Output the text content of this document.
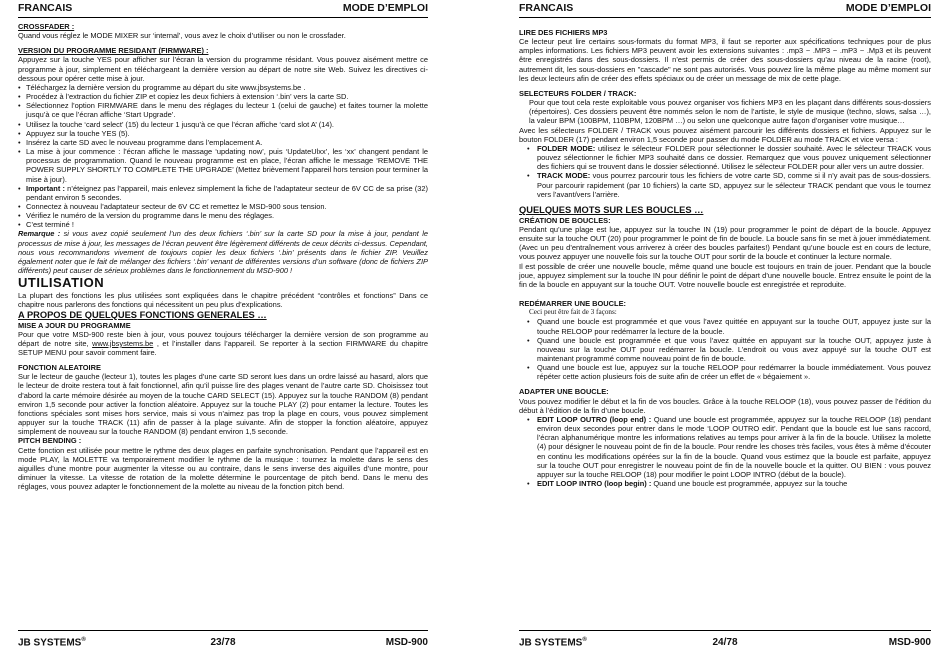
FRANCAIS	MODE D’EMPLOI

CROSSFADER :

Quand vous réglez le MODE MIXER sur ‘internal’, vous avez le choix d’utiliser ou non le crossfader.

VERSION DU PROGRAMME RESIDANT (FIRMWARE) :

Appuyez sur la touche YES pour afficher sur l’écran la version du programme résidant. Vous pouvez aisément mettre ce programme à jour, simplement en téléchargeant la dernière version au départ de notre site Web. Suivez les directives ci-dessous pour opérer cette mise à jour.

• Téléchargez la dernière version du programme au départ du site www.jbsystems.be .
• Procédez à l’extraction du fichier ZIP et copiez les deux fichiers à extension ‘.bin’ vers la carte SD.
• Sélectionnez l’option FIRMWARE dans le menu des réglages du lecteur 1 (celui de gauche) et faites tourner la molette jusqu’à ce que l’écran affiche ‘Start Upgrade’.
• Utilisez la touche ‘card select’ (15) du lecteur 1 jusqu’à ce que l’écran affiche ‘card slot A’ (14).
• Appuyez sur la touche YES (5).
• Insérez la carte SD avec le nouveau programme dans l’emplacement A.
• La mise à jour commence : l’écran affiche le massage ‘updating now’, puis ‘UpdateUlxx’, les ‘xx’ changent pendant le processus de programmation. Quand le nouveau programme est en place, l’écran affiche le message ‘REMOVE THE POWER SUPPLY SHORTLY TO COMPLETE THE UPGRADE’ (Mettez brièvement l’appareil hors tension pour terminer la mise à jour).
• Important : n’éteignez pas l’appareil, mais enlevez simplement la fiche de l’adaptateur secteur de 6V CC de sa prise (32) pendant environ 5 secondes.
• Connectez à nouveau l’adaptateur secteur de 6V CC et remettez le MSD-900 sous tension.
• Vérifiez le numéro de la version du programme dans le menu des réglages.
• C’est terminé !

Remarque : si vous avez copié seulement l’un des deux fichiers ‘.bin’ sur la carte SD pour la mise à jour, pendant le processus de mise à jour, les messages de l’écran peuvent être légèrement différents de ceux décrits ci-dessus. Cependant, nous vous recommandons vivement de toujours copier les deux fichiers ‘.bin’ présents dans le fichier ZIP. Veuillez également noter que le fait de mélanger des fichiers ‘.bin’ venant de différentes versions d’un software (donc de fichiers ZIP différents) peut causer de sérieux problèmes dans le fonctionnement du MSD-900 !

UTILISATION

La plupart des fonctions les plus utilisées sont expliquées dans le chapitre précédent “contrôles et fonctions” Dans ce chapitre nous parlerons des fonctions qui nécessitent un peu plus d’explications.

A PROPOS DE QUELQUES FONCTIONS GENERALES …

MISE A JOUR DU PROGRAMME

Pour que votre MSD-900 reste bien à jour, vous pouvez toujours télécharger la dernière version de son programme au départ de notre site, www.jbsystems.be , et l’installer dans l’appareil. Se reporter à la section FIRMWARE du chapitre SETUP MENU pour savoir comment faire.

FONCTION ALEATOIRE

Sur le lecteur de gauche (lecteur 1), toutes les plages d’une carte SD seront lues dans un ordre laissé au hasard, alors que le lecteur de droite restera tout à fait fonctionnel, afin qu’il puisse lire des plages venant de l’autre carte SD. Choisissez tout d’abord la carte mémoire désirée au moyen de la touche CARD SELECT (15). Appuyez sur la touche RANDOM (8) pendant environ 1,5 seconde pour activer la fonction aléatoire. Appuyez sur la touche PLAY (2) pour entamer la lecture. Toutes les fonctions spéciales sont mises hors service, mais si vous n’aimez pas trop la plage en cours, vous pouvez simplement appuyer sur la touche TRACK (11) afin de passer à la plage suivante. Afin de stopper la fonction aléatoire, appuyez simplement de nouveau sur la touche RANDOM (8) pendant environ 1,5 seconde.

PITCH BENDING :

Cette fonction est utilisée pour mettre le rythme des deux plages en parfaite synchronisation. Pendant que l’appareil est en mode PLAY, la MOLETTE va temporairement modifier le rythme de la musique : tournez la molette dans le sens des aiguilles d’une montre pour augmenter la vitesse ou au contraire, dans le sens inverse des aiguilles d’une montre, pour diminuer la vitesse. La vitesse de rotation de la molette détermine le pourcentage de pitch bend. Dans le menu des réglages, vous pouvez adapter le fonctionnement de la molette au niveau de la fonction pitch bend.

JB SYSTEMS®	23/78	MSD-900
FRANCAIS	MODE D’EMPLOI

LIRE DES FICHIERS MP3

Ce lecteur peut lire certains sous-formats du format MP3, il faut se reporter aux spécifications techniques pour de plus amples informations. Les fichiers MP3 peuvent avoir les extensions suivantes : .mp3 ~ .MP3 ~ .mP3 ~ .Mp3 et ils peuvent être enregistrés dans des sous-dossiers. Il n’est permis de créer des sous-dossiers qu’au niveau de la racine (root), autrement dit, les sous-dossiers en "cascade" ne sont pas autorisés. Vous pouvez lire la même plage au même moment sur les deux lecteurs afin de créer des effets spéciaux ou de créer un message de mix de cette plage.

SELECTEURS FOLDER / TRACK:

Pour que tout cela reste exploitable vous pouvez organiser vos fichiers MP3 en les plaçant dans différents sous-dossiers (répertoires). Ces dossiers peuvent être nommés selon le nom de l’artiste, le style de musique (techno, slows, salsa …), la valeur BPM (100BPM, 110BPM, 120BPM …) ou selon une quelconque autre façon d’organiser votre musique…

Avec les sélecteurs FOLDER / TRACK vous pouvez aisément parcourir les différents dossiers et fichiers. Appuyez sur le bouton FOLDER (17) pendant environ 1,5 seconde pour passer du mode FOLDER au mode TRACK et vice versa :

• FOLDER MODE: utilisez le sélecteur FOLDER pour sélectionner le dossier souhaité. Avec le sélecteur TRACK vous pouvez sélectionner le fichier MP3 souhaité dans ce dossier. Remarquez que vous pouvez uniquement sélectionner des fichiers qui se trouvent dans le dossier sélectionné. Utilisez le sélecteur FOLDER pour aller vers un autre dossier.
• TRACK MODE: vous pourrez parcourir tous les fichiers de votre carte SD, comme si il n’y avait pas de sous-dossiers. Pour parcourir rapidement (par 10 fichiers) la carte SD, appuyez sur le sélecteur TRACK pendant que vous le tournez vers l’avant/vers l’arrière.

QUELQUES MOTS SUR LES BOUCLES …

CRÉATION DE BOUCLES:

Pendant qu’une plage est lue, appuyez sur la touche IN (19) pour programmer le point de départ de la boucle. Appuyez ensuite sur la touche OUT (20) pour programmer le point de fin de boucle. La boucle sans fin se met à jouer immédiatement. (Avec un peu d’entraînement vous arriverez à créer des boucles parfaites!) Pendant qu’une boucle est en cours de lecture, vous pouvez appuyer une nouvelle fois sur la touche OUT pour sortir de la boucle et continuer la lecture normale.

Il est possible de créer une nouvelle boucle, même quand une boucle est toujours en train de jouer. Pendant que la boucle joue, appuyez simplement sur la touche IN pour définir le point de départ d’une nouvelle boucle. Entrez ensuite le point de la fin de la boucle en appuyant sur la touche OUT. Votre nouvelle boucle est enregistrée et reproduite.

REDÉMARRER UNE BOUCLE:

Ceci peut être fait de 3 façons:

• Quand une boucle est programmée et que vous l’avez quittée en appuyant sur la touche OUT, appuyez juste sur la touche RELOOP pour redémarrer la lecture de la boucle.
• Quand une boucle est programmée et que vous l’avez quittée en appuyant sur la touche OUT, appuyez juste à nouveau sur la touche OUT pour redémarrer la boucle. L’endroit ou vous avez appuyé sur la touche OUT est maintenant programmé comme nouveau point de fin de boucle.
• Quand une boucle est lue, appuyez sur la touche RELOOP pour redémarrer la boucle immédiatement. Vous pouvez répéter cette action plusieurs fois de suite afin de créer un effet de « bégaiement ».

ADAPTER UNE BOUCLE:

Vous pouvez modifier le début et la fin de vos boucles. Grâce à la touche RELOOP (18), vous pouvez passer de l’édition du début à l’édition de la fin d’une boucle.

• EDIT LOOP OUTRO (loop end) : Quand une boucle est programmée, appuyez sur la touche RELOOP (18) pendant environ deux secondes pour entrer dans le mode ‘LOOP OUTRO edit’. Pendant que la boucle est lue sans raccord, l’écran alphanumérique montre les informations relatives au temps pour arriver à la fin de la boucle. Utilisez la molette (4) pour désigner le nouveau point de fin de la boucle. Pour rendre les choses très faciles, vous êtes à même d’écouter en continu les modifications opérées sur la fin de la boucle. Quand vous estimez que la boucle est parfaite, appuyez sur la touche OUT pour enregistrer le nouveau point de fin de la nouvelle boucle et la quitter. OU BIEN : vous pouvez appuyer sur la touche RELOOP (18) pour modifier le point LOOP INTRO (début de la boucle).
• EDIT LOOP INTRO (loop begin) : Quand une boucle est programmée, appuyez sur la touche
JB SYSTEMS®	24/78	MSD-900
